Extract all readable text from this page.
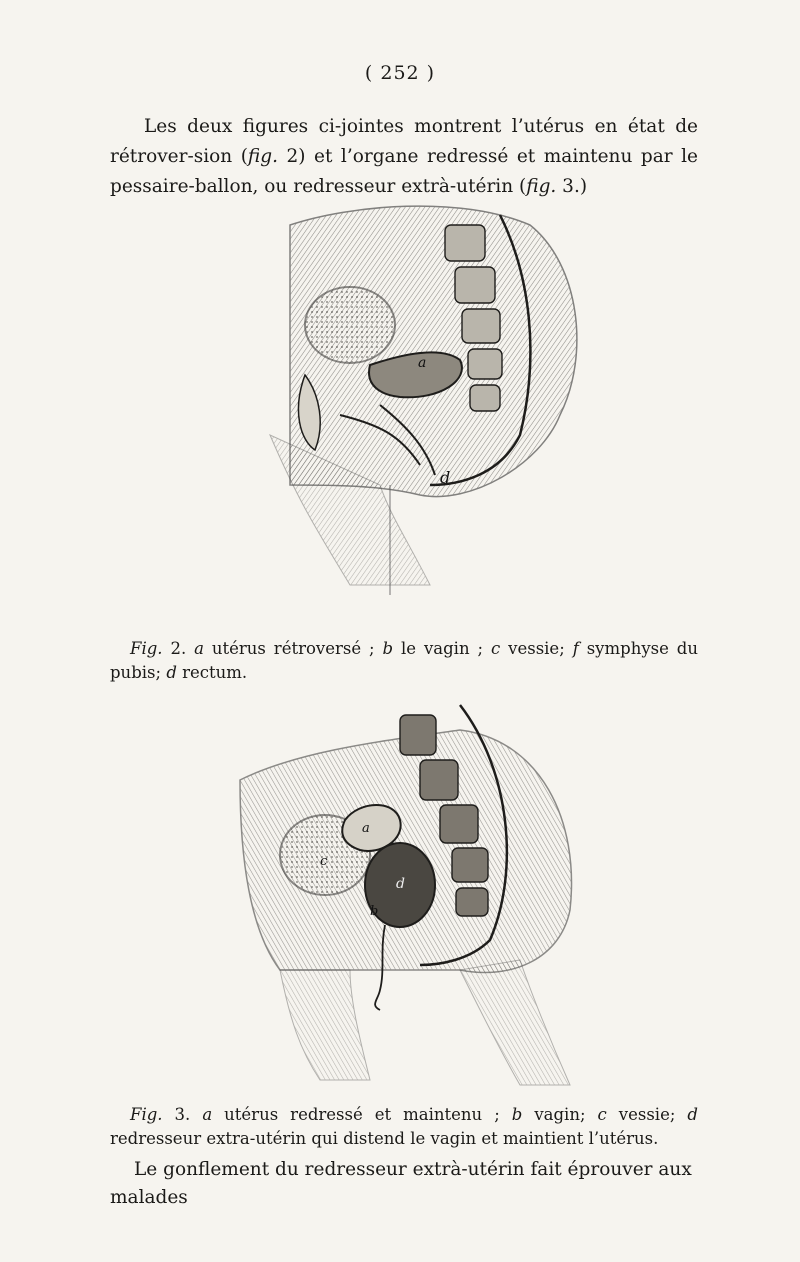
( 252 )

Les deux figures ci-jointes montrent l’utérus en état de rétrover-sion (fig. 2) et l’organe redressé et maintenu par le pessaire-ballon, ou redresseur extrà-utérin (fig. 3.)

a
d

Fig. 2. a utérus rétroversé ; b le vagin ; c vessie; f symphyse du pubis; d rectum.

a
d
c
b

Fig. 3. a utérus redressé et maintenu ; b vagin; c vessie; d redresseur extra-utérin qui distend le vagin et maintient l’utérus.

Le gonflement du redresseur extrà-utérin fait éprouver aux malades
